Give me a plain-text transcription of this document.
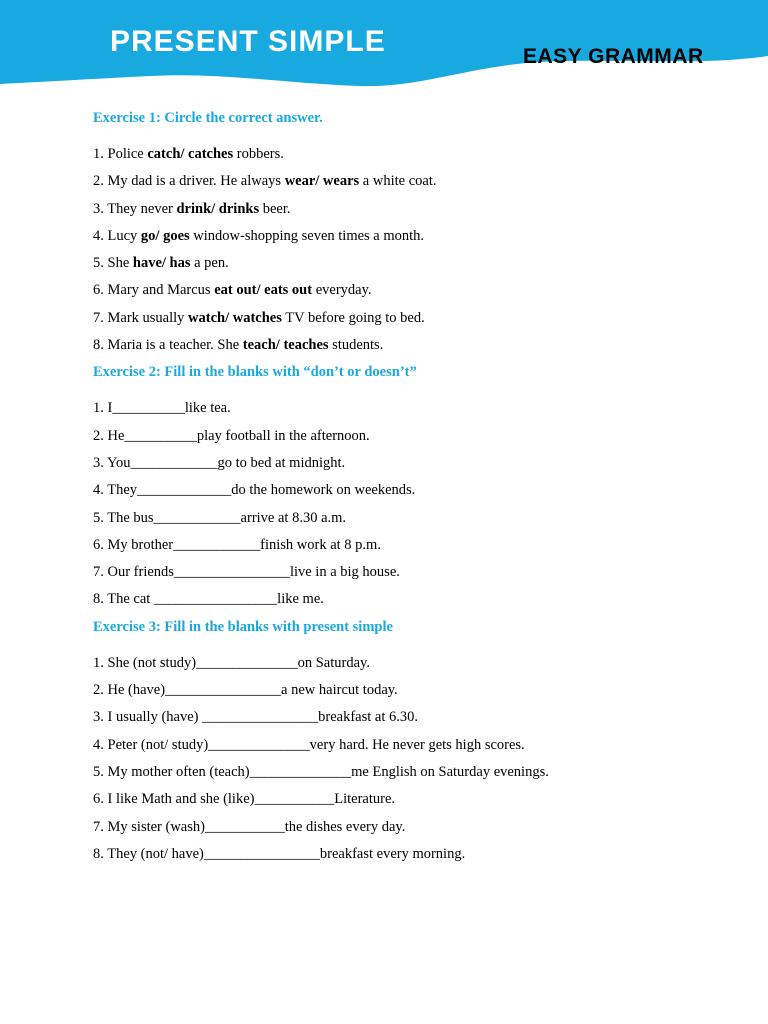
PRESENT SIMPLE	EASY GRAMMAR
Exercise 1: Circle the correct answer.
1. Police catch/ catches robbers.
2. My dad is a driver. He always wear/ wears a white coat.
3. They never drink/ drinks beer.
4. Lucy go/ goes window-shopping seven times a month.
5. She have/ has a pen.
6. Mary and Marcus eat out/ eats out everyday.
7. Mark usually watch/ watches TV before going to bed.
8. Maria is a teacher. She teach/ teaches students.
Exercise 2: Fill in the blanks with “don’t or doesn’t”
1. I__________like tea.
2. He__________play football in the afternoon.
3. You____________go to bed at midnight.
4. They_____________do the homework on weekends.
5. The bus____________arrive at 8.30 a.m.
6. My brother____________finish work at 8 p.m.
7. Our friends________________live in a big house.
8. The cat _________________like me.
Exercise 3: Fill in the blanks with present simple
1. She (not study)______________on Saturday.
2. He (have)________________a new haircut today.
3. I usually (have) ________________breakfast at 6.30.
4. Peter (not/ study)______________very hard. He never gets high scores.
5. My mother often (teach)______________me English on Saturday evenings.
6. I like Math and she (like)___________Literature.
7. My sister (wash)___________the dishes every day.
8. They (not/ have)________________breakfast every morning.
